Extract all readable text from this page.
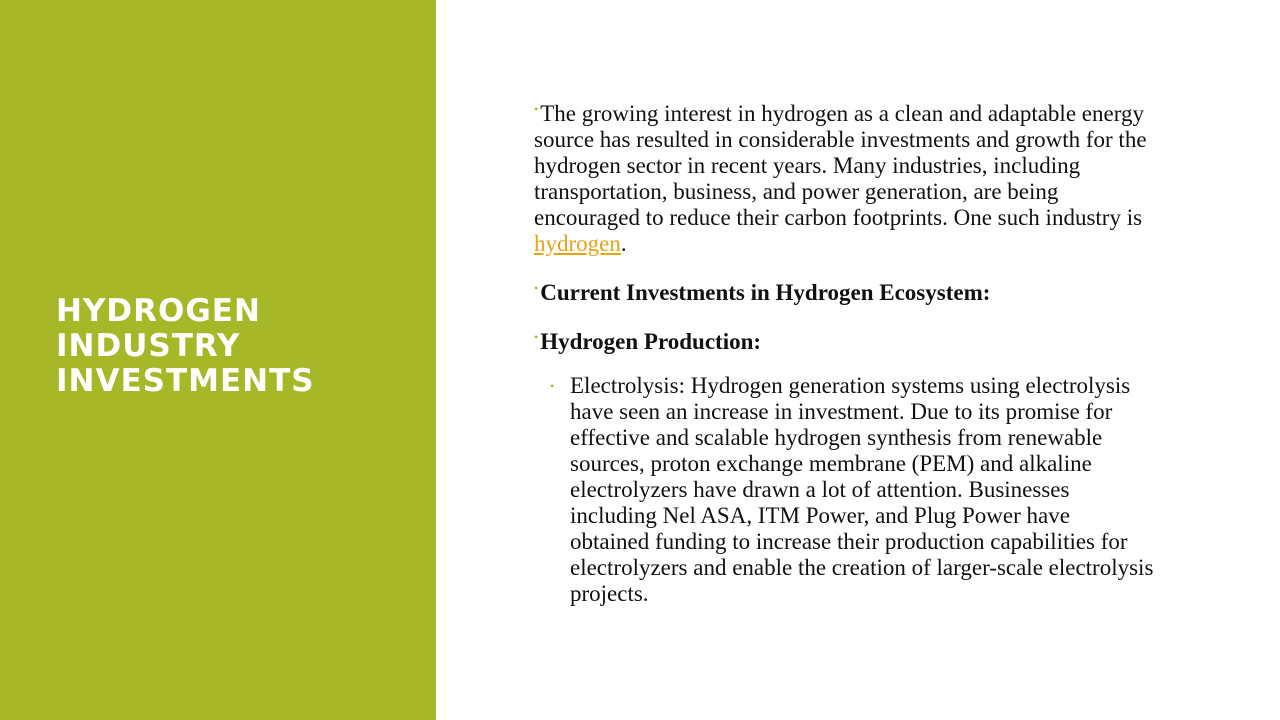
HYDROGEN INDUSTRY INVESTMENTS

•The growing interest in hydrogen as a clean and adaptable energy source has resulted in considerable investments and growth for the hydrogen sector in recent years. Many industries, including transportation, business, and power generation, are being encouraged to reduce their carbon footprints. One such industry is hydrogen.

•Current Investments in Hydrogen Ecosystem:

•Hydrogen Production:

• Electrolysis: Hydrogen generation systems using electrolysis have seen an increase in investment. Due to its promise for effective and scalable hydrogen synthesis from renewable sources, proton exchange membrane (PEM) and alkaline electrolyzers have drawn a lot of attention. Businesses including Nel ASA, ITM Power, and Plug Power have obtained funding to increase their production capabilities for electrolyzers and enable the creation of larger-scale electrolysis projects.
